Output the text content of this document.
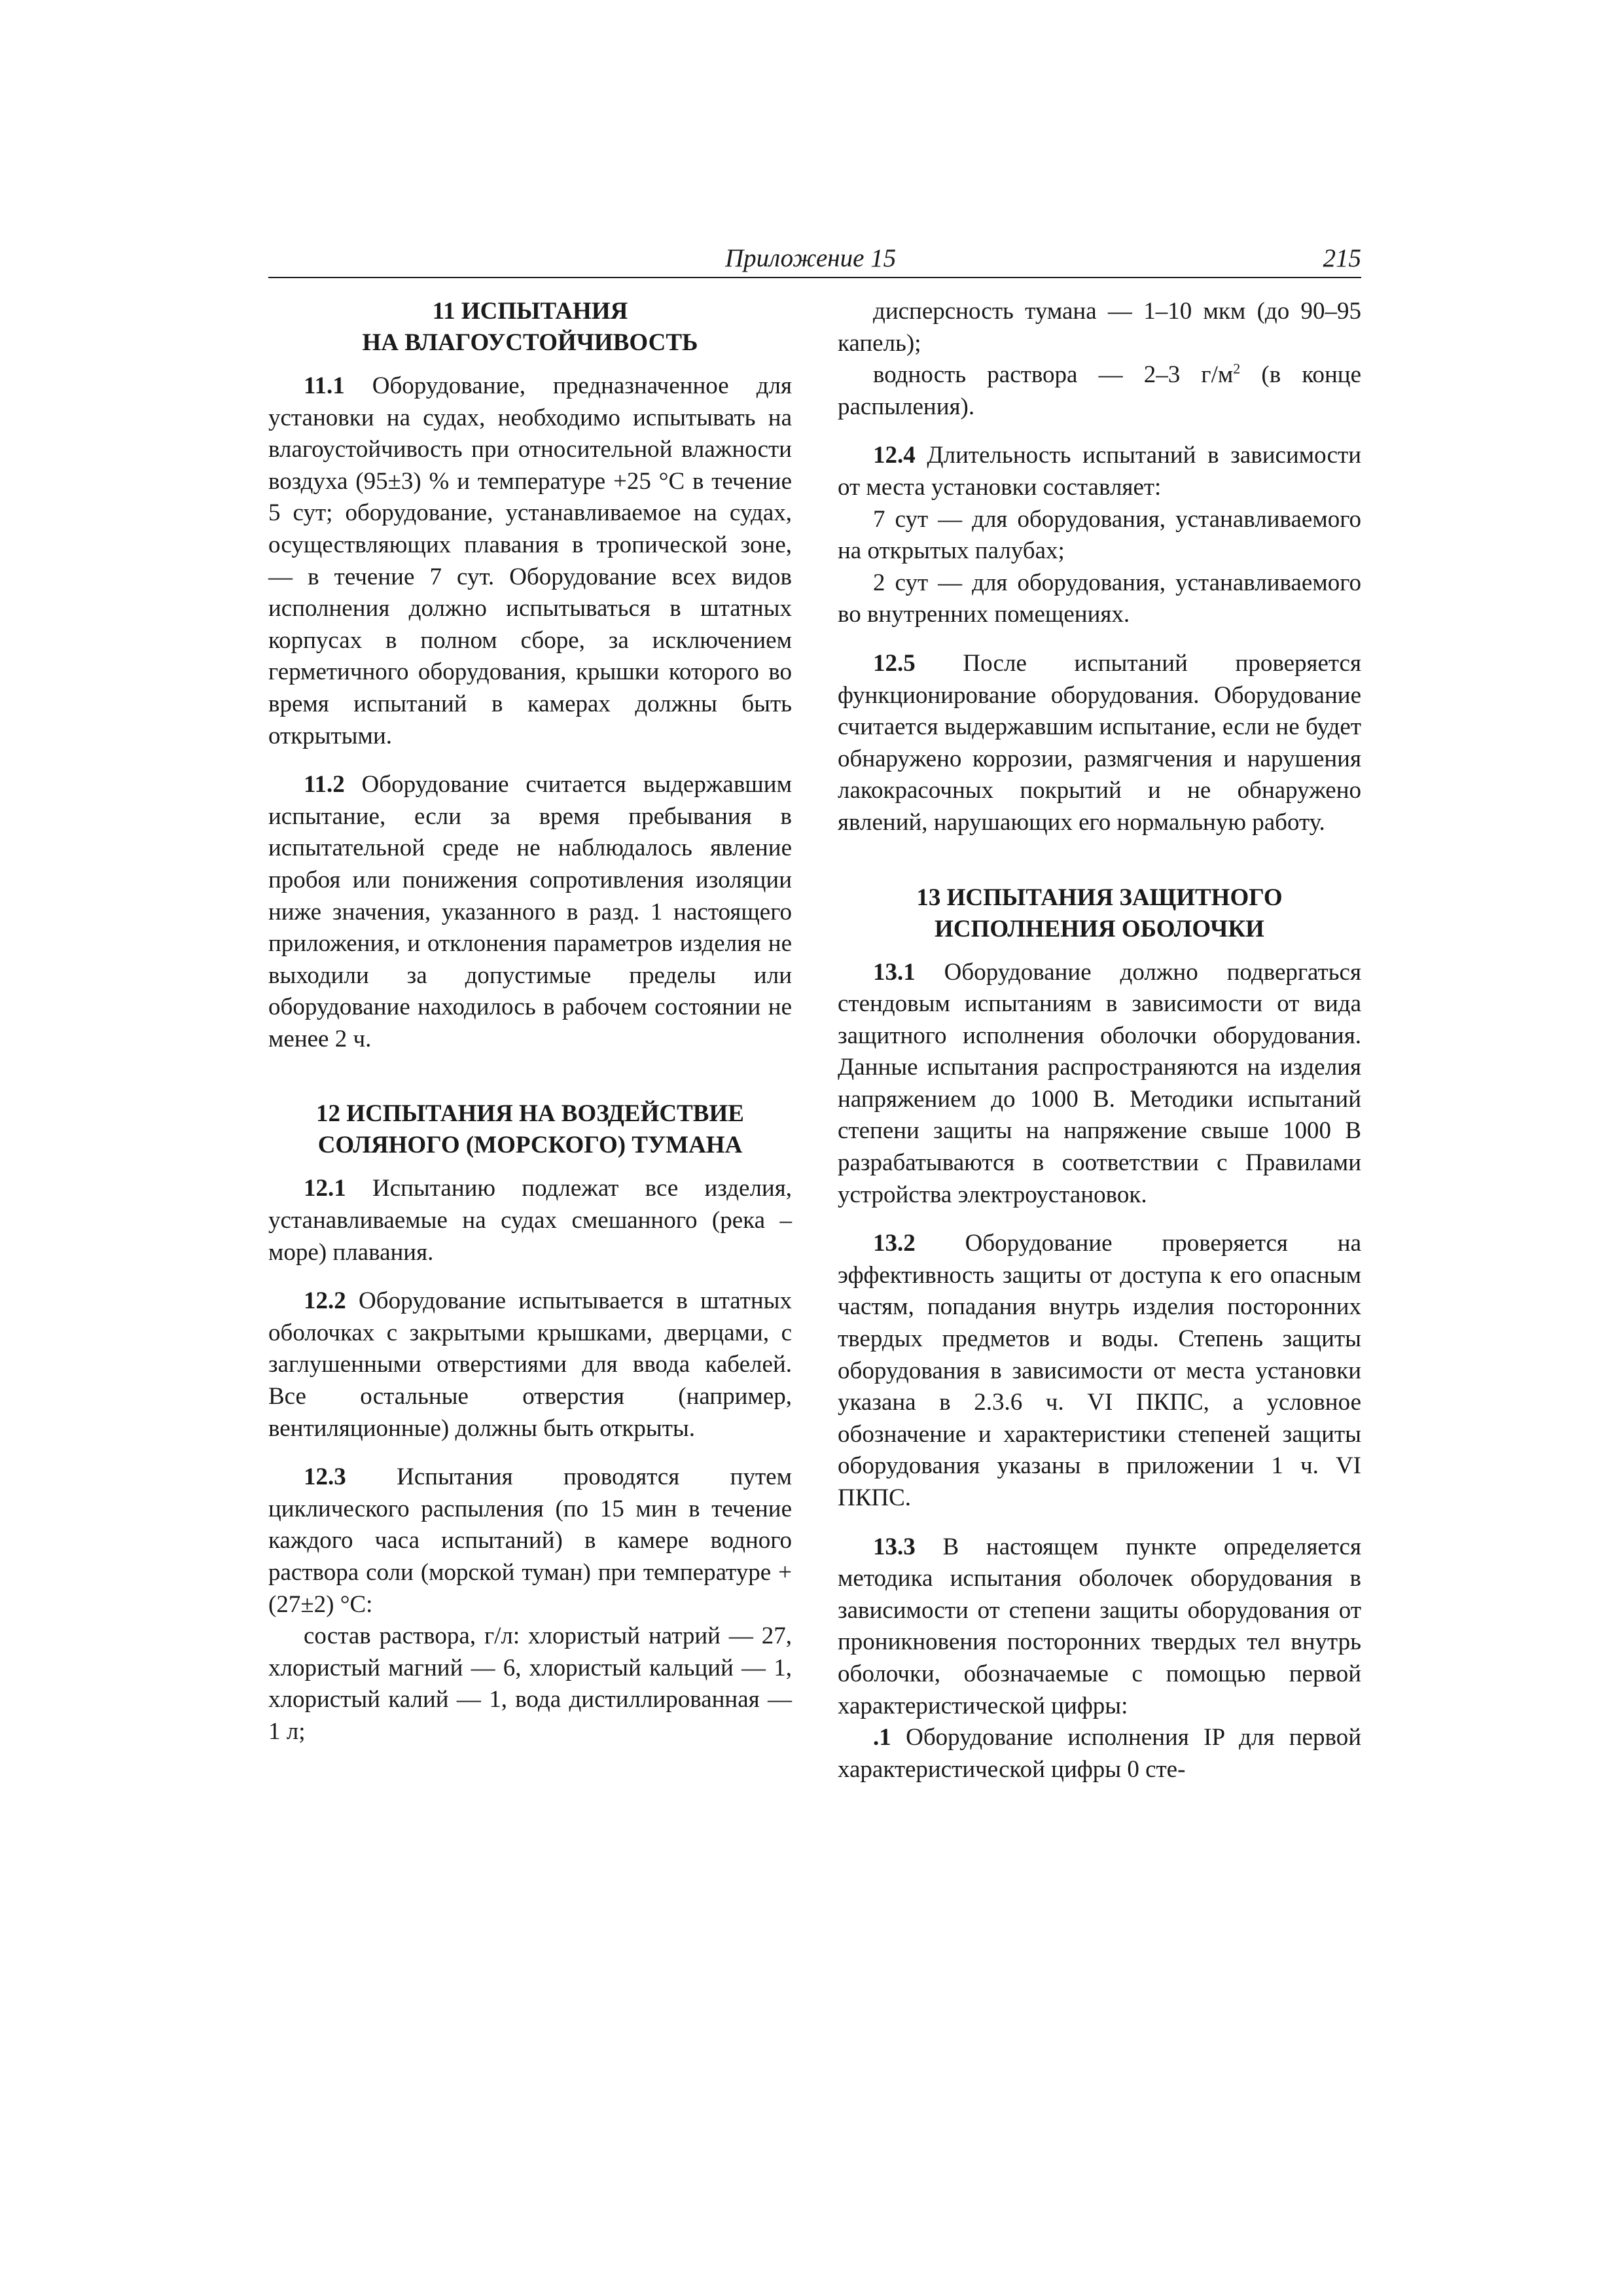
Приложение 15	215
11 ИСПЫТАНИЯ
НА ВЛАГОУСТОЙЧИВОСТЬ

11.1 Оборудование, предназначенное для установки на судах, необходимо испытывать на влагоустойчивость при относительной влажности воздуха (95±3) % и температуре +25 °С в течение 5 сут; оборудование, устанавливаемое на судах, осуществляющих плавания в тропической зоне, — в течение 7 сут. Оборудование всех видов исполнения должно испытываться в штатных корпусах в полном сборе, за исключением герметичного оборудования, крышки которого во время испытаний в камерах должны быть открытыми.

11.2 Оборудование считается выдержавшим испытание, если за время пребывания в испытательной среде не наблюдалось явление пробоя или понижения сопротивления изоляции ниже значения, указанного в разд. 1 настоящего приложения, и отклонения параметров изделия не выходили за допустимые пределы или оборудование находилось в рабочем состоянии не менее 2 ч.

12 ИСПЫТАНИЯ НА ВОЗДЕЙСТВИЕ
СОЛЯНОГО (МОРСКОГО) ТУМАНА

12.1 Испытанию подлежат все изделия, устанавливаемые на судах смешанного (река – море) плавания.

12.2 Оборудование испытывается в штатных оболочках с закрытыми крышками, дверцами, с заглушенными отверстиями для ввода кабелей. Все остальные отверстия (например, вентиляционные) должны быть открыты.

12.3 Испытания проводятся путем циклического распыления (по 15 мин в течение каждого часа испытаний) в камере водного раствора соли (морской туман) при температуре +(27±2) °С:

состав раствора, г/л: хлористый натрий — 27, хлористый магний — 6, хлористый кальций — 1, хлористый калий — 1, вода дистиллированная — 1 л;

дисперсность тумана — 1–10 мкм (до 90–95 капель);

водность раствора — 2–3 $г/м^2$ (в конце распыления).

12.4 Длительность испытаний в зависимости от места установки составляет:

7 сут — для оборудования, устанавливаемого на открытых палубах;

2 сут — для оборудования, устанавливаемого во внутренних помещениях.

12.5 После испытаний проверяется функционирование оборудования. Оборудование считается выдержавшим испытание, если не будет обнаружено коррозии, размягчения и нарушения лакокрасочных покрытий и не обнаружено явлений, нарушающих его нормальную работу.

13 ИСПЫТАНИЯ ЗАЩИТНОГО
ИСПОЛНЕНИЯ ОБОЛОЧКИ

13.1 Оборудование должно подвергаться стендовым испытаниям в зависимости от вида защитного исполнения оболочки оборудования. Данные испытания распространяются на изделия напряжением до 1000 В. Методики испытаний степени защиты на напряжение свыше 1000 В разрабатываются в соответствии с Правилами устройства электроустановок.

13.2 Оборудование проверяется на эффективность защиты от доступа к его опасным частям, попадания внутрь изделия посторонних твердых предметов и воды. Степень защиты оборудования в зависимости от места установки указана в 2.3.6 ч. VI ПКПС, а условное обозначение и характеристики степеней защиты оборудования указаны в приложении 1 ч. VI ПКПС.

13.3 В настоящем пункте определяется методика испытания оболочек оборудования в зависимости от степени защиты оборудования от проникновения посторонних твердых тел внутрь оболочки, обозначаемые с помощью первой характеристической цифры:

.1 Оборудование исполнения IP для первой характеристической цифры 0 сте-
